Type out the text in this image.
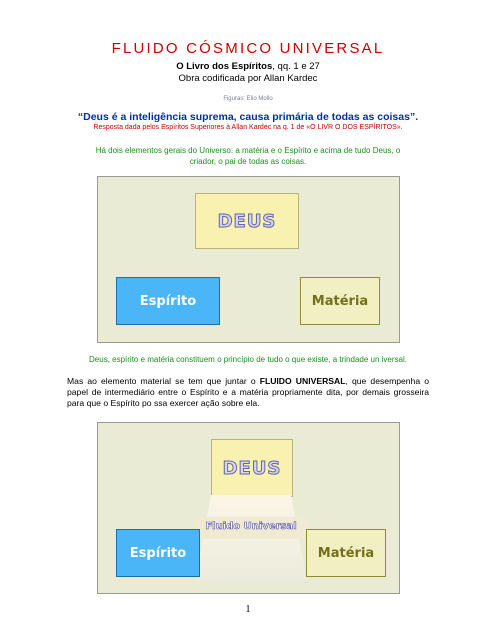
FLUIDO CÓSMICO UNIVERSAL
O Livro dos Espíritos, qq. 1 e 27
Obra codificada por Allan Kardec
Figuras: Elio Mollo
“Deus é a inteligência suprema, causa primária de todas as coisas”.
Resposta dada pelos Espíritos Superiores à Allan Kardec na q. 1 de «O LIVR O DOS ESPÍRITOS».
Há dois elementos gerais do Universo: a matéria e o Espírito e acima de tudo Deus, o
criador, o pai de todas as coisas.
DEUS
Espírito	Matéria
Deus, espírito e matéria constituem o princípio de tudo o que existe, a trindade un iversal.

Mas ao elemento material se tem que juntar o FLUIDO UNIVERSAL, que desempenha o papel de intermediário entre o Espírito e a matéria propriamente dita, por demais grosseira para que o Espírito po ssa exercer ação sobre ela.

DEUS
Fluido Universal
Espírito	Matéria
1
